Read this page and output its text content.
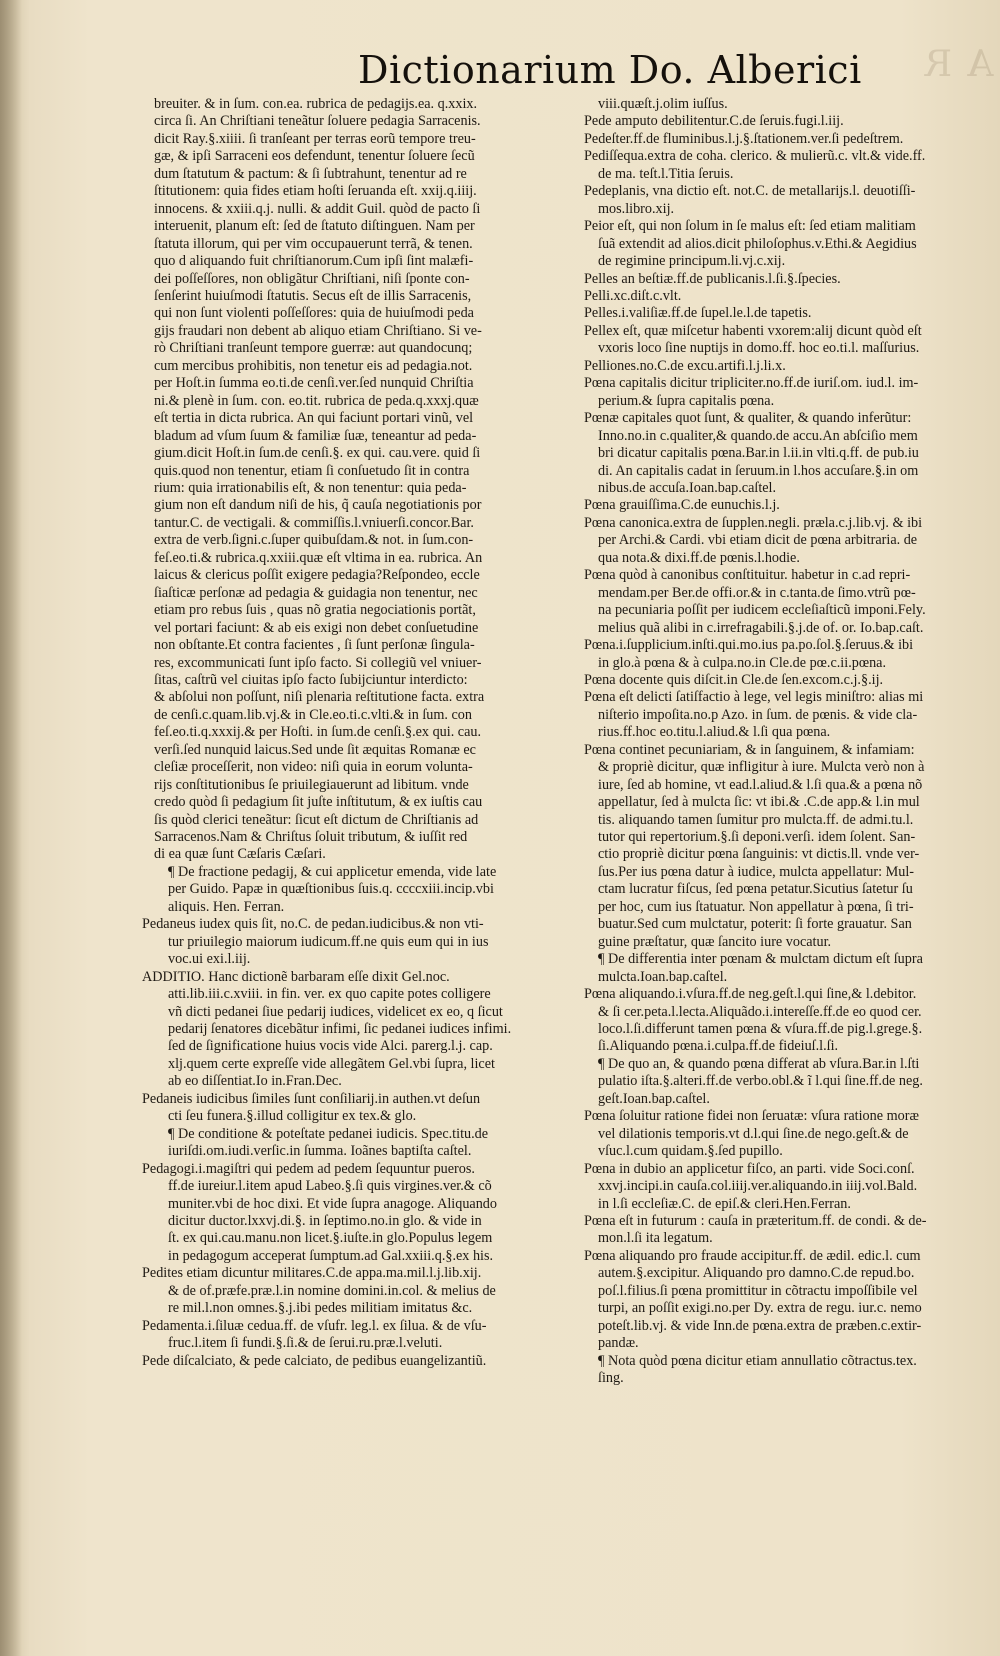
A R
Dictionarium Do. Alberici
breuiter. & in ſum. con.ea. rubrica de pedagijs.ea. q.xxix.
circa ſi. An Chriſtiani teneãtur ſoluere pedagia Sarracenis.
dicit Ray.§.xiiii. ſi tranſeant per terras eorũ tempore treu-
gæ, & ipſi Sarraceni eos defendunt, tenentur ſoluere ſecũ
dum ſtatutum & pactum: & ſi ſubtrahunt, tenentur ad re
ſtitutionem: quia fides etiam hoſti ſeruanda eſt. xxij.q.iiij.
innocens. & xxiii.q.j. nulli. & addit Guil. quòd de pacto ſi
interuenit, planum eſt: ſed de ſtatuto diſtinguen. Nam per
ſtatuta illorum, qui per vim occupauerunt terrã, & tenen.
quo d aliquando fuit chriſtianorum.Cum ipſi ſint malæfi-
dei poſſeſſores, non obligãtur Chriſtiani, niſi ſponte con-
ſenſerint huiuſmodi ſtatutis. Secus eſt de illis Sarracenis,
qui non ſunt violenti poſſeſſores: quia de huiuſmodi peda
gijs fraudari non debent ab aliquo etiam Chriſtiano. Si ve-
rò Chriſtiani tranſeunt tempore guerræ: aut quandocunq;
cum mercibus prohibitis, non tenetur eis ad pedagia.not.
per Hoſt.in ſumma eo.ti.de cenſi.ver.ſed nunquid Chriſtia
ni.& plenè in ſum. con. eo.tit. rubrica de peda.q.xxxj.quæ
eſt tertia in dicta rubrica. An qui faciunt portari vinũ, vel
bladum ad vſum ſuum & familiæ ſuæ, teneantur ad peda-
gium.dicit Hoſt.in ſum.de cenſi.§. ex qui. cau.vere. quid ſi
quis.quod non tenentur, etiam ſi conſuetudo ſit in contra
rium: quia irrationabilis eſt, & non tenentur: quia peda-
gium non eſt dandum niſi de his, q̃ cauſa negotiationis por
tantur.C. de vectigali. & commiſſis.l.vniuerſi.concor.Bar.
extra de verb.ſigni.c.ſuper quibuſdam.& not. in ſum.con-
feſ.eo.ti.& rubrica.q.xxiii.quæ eſt vltima in ea. rubrica. An
laicus & clericus poſſit exigere pedagia?Reſpondeo, eccle
ſiaſticæ perſonæ ad pedagia & guidagia non tenentur, nec
etiam pro rebus ſuis , quas nõ gratia negociationis portãt,
vel portari faciunt: & ab eis exigi non debet conſuetudine
non obſtante.Et contra facientes , ſi ſunt perſonæ ſingula-
res, excommunicati ſunt ipſo facto. Si collegiũ vel vniuer-
ſitas, caſtrũ vel ciuitas ipſo facto ſubijciuntur interdicto:
& abſolui non poſſunt, niſi plenaria reſtitutione facta. extra
de cenſi.c.quam.lib.vj.& in Cle.eo.ti.c.vlti.& in ſum. con
feſ.eo.ti.q.xxxij.& per Hoſti. in ſum.de cenſi.§.ex qui. cau.
verſi.ſed nunquid laicus.Sed unde ſit æquitas Romanæ ec
cleſiæ proceſſerit, non video: niſi quia in eorum volunta-
rijs conſtitutionibus ſe priuilegiauerunt ad libitum. vnde
credo quòd ſi pedagium ſit juſte inſtitutum, & ex iuſtis cau
ſis quòd clerici teneãtur: ſicut eſt dictum de Chriſtianis ad
Sarracenos.Nam & Chriſtus ſoluit tributum, & iuſſit red
di ea quæ ſunt Cæſaris Cæſari.
¶ De fractione pedagij, & cui applicetur emenda, vide late
per Guido. Papæ in quæſtionibus ſuis.q. ccccxiii.incip.vbi
aliquis. Hen. Ferran.
Pedaneus iudex quis ſit, no.C. de pedan.iudicibus.& non vti-
tur priuilegio maiorum iudicum.ff.ne quis eum qui in ius
voc.ui exi.l.iij.
ADDITIO. Hanc dictionẽ barbaram eſſe dixit Gel.noc.
atti.lib.iii.c.xviii. in fin. ver. ex quo capite potes colligere
vñ dicti pedanei ſiue pedarij iudices, videlicet ex eo, q ſicut
pedarij ſenatores dicebãtur infimi, ſic pedanei iudices infimi.
ſed de ſignificatione huius vocis vide Alci. parerg.l.j. cap.
xlj.quem certe expreſſe vide allegãtem Gel.vbi ſupra, licet
ab eo diſſentiat.Io in.Fran.Dec.
Pedaneis iudicibus ſimiles ſunt conſiliarij.in authen.vt deſun
cti ſeu funera.§.illud colligitur ex tex.& glo.
¶ De conditione & poteſtate pedanei iudicis. Spec.titu.de
iuriſdi.om.iudi.verſic.in ſumma. Ioãnes baptiſta caſtel.
Pedagogi.i.magiſtri qui pedem ad pedem ſequuntur pueros.
ff.de iureiur.l.item apud Labeo.§.ſi quis virgines.ver.& cõ
muniter.vbi de hoc dixi. Et vide ſupra anagoge. Aliquando
dicitur ductor.lxxvj.di.§. in ſeptimo.no.in glo. & vide in
ſt. ex qui.cau.manu.non licet.§.iuſte.in glo.Populus legem
in pedagogum acceperat ſumptum.ad Gal.xxiii.q.§.ex his.
Pedites etiam dicuntur militares.C.de appa.ma.mil.l.j.lib.xij.
& de of.præfe.præ.l.in nomine domini.in.col. & melius de
re mil.l.non omnes.§.j.ibi pedes militiam imitatus &c.
Pedamenta.i.ſiluæ cedua.ff. de vſufr. leg.l. ex ſilua. & de vſu-
fruc.l.item ſi fundi.§.ſi.& de ſerui.ru.præ.l.veluti.
Pede diſcalciato, & pede calciato, de pedibus euangelizantiũ.
viii.quæſt.j.olim iuſſus.
Pede amputo debilitentur.C.de ſeruis.fugi.l.iij.
Pedeſter.ff.de fluminibus.l.j.§.ſtationem.ver.ſi pedeſtrem.
Pediſſequa.extra de coha. clerico. & mulierũ.c. vlt.& vide.ff.
de ma. teſt.l.Titia ſeruis.
Pedeplanis, vna dictio eſt. not.C. de metallarijs.l. deuotiſſi-
mos.libro.xij.
Peior eſt, qui non ſolum in ſe malus eſt: ſed etiam malitiam
ſuã extendit ad alios.dicit philoſophus.v.Ethi.& Aegidius
de regimine principum.li.vj.c.xij.
Pelles an beſtiæ.ff.de publicanis.l.ſi.§.ſpecies.
Pelli.xc.diſt.c.vlt.
Pelles.i.valiſiæ.ff.de ſupel.le.l.de tapetis.
Pellex eſt, quæ miſcetur habenti vxorem:alij dicunt quòd eſt
vxoris loco ſine nuptijs in domo.ff. hoc eo.ti.l. maſſurius.
Pelliones.no.C.de excu.artifi.l.j.li.x.
Pœna capitalis dicitur tripliciter.no.ff.de iuriſ.om. iud.l. im-
perium.& ſupra capitalis pœna.
Pœnæ capitales quot ſunt, & qualiter, & quando inferũtur:
Inno.no.in c.qualiter,& quando.de accu.An abſciſio mem
bri dicatur capitalis pœna.Bar.in l.ii.in vlti.q.ff. de pub.iu
di. An capitalis cadat in ſeruum.in l.hos accuſare.§.in om
nibus.de accuſa.Ioan.bap.caſtel.
Pœna grauiſſima.C.de eunuchis.l.j.
Pœna canonica.extra de ſupplen.negli. præla.c.j.lib.vj. & ibi
per Archi.& Cardi. vbi etiam dicit de pœna arbitraria. de
qua nota.& dixi.ff.de pœnis.l.hodie.
Pœna quòd à canonibus conſtituitur. habetur in c.ad repri-
mendam.per Ber.de offi.or.& in c.tanta.de ſimo.vtrũ pœ-
na pecuniaria poſſit per iudicem eccleſiaſticũ imponi.Fely.
melius quã alibi in c.irrefragabili.§.j.de of. or. Io.bap.caſt.
Pœna.i.ſupplicium.inſti.qui.mo.ius pa.po.ſol.§.ſeruus.& ibi
in glo.à pœna & à culpa.no.in Cle.de pœ.c.ii.pœna.
Pœna docente quis diſcit.in Cle.de ſen.excom.c.j.§.ij.
Pœna eſt delicti ſatiſfactio à lege, vel legis miniſtro: alias mi
niſterio impoſita.no.p Azo. in ſum. de pœnis. & vide cla-
rius.ff.hoc eo.titu.l.aliud.& l.ſi qua pœna.
Pœna continet pecuniariam, & in ſanguinem, & infamiam:
& propriè dicitur, quæ infligitur à iure. Mulcta verò non à
iure, ſed ab homine, vt ead.l.aliud.& l.ſi qua.& a pœna nõ
appellatur, ſed à mulcta ſic: vt ibi.& .C.de app.& l.in mul
tis. aliquando tamen ſumitur pro mulcta.ff. de admi.tu.l.
tutor qui repertorium.§.ſi deponi.verſi. idem ſolent. San-
ctio propriè dicitur pœna ſanguinis: vt dictis.ll. vnde ver-
ſus.Per ius pœna datur à iudice, mulcta appellatur: Mul-
ctam lucratur fiſcus, ſed pœna petatur.Sicutius ſatetur ſu
per hoc, cum ius ſtatuatur. Non appellatur à pœna, ſi tri-
buatur.Sed cum mulctatur, poterit: ſi forte grauatur. San
guine præſtatur, quæ ſancito iure vocatur.
¶ De differentia inter pœnam & mulctam dictum eſt ſupra
mulcta.Ioan.bap.caſtel.
Pœna aliquando.i.vſura.ff.de neg.geſt.l.qui ſine,& l.debitor.
& ſi cer.peta.l.lecta.Aliquãdo.i.intereſſe.ff.de eo quod cer.
loco.l.ſi.differunt tamen pœna & vſura.ff.de pig.l.grege.§.
ſi.Aliquando pœna.i.culpa.ff.de fideiuſ.l.ſi.
¶ De quo an, & quando pœna differat ab vſura.Bar.in l.ſti
pulatio iſta.§.alteri.ff.de verbo.obl.& ĩ l.qui ſine.ff.de neg.
geſt.Ioan.bap.caſtel.
Pœna ſoluitur ratione fidei non ſeruatæ: vſura ratione moræ
vel dilationis temporis.vt d.l.qui ſine.de nego.geſt.& de
vſuc.l.cum quidam.§.ſed pupillo.
Pœna in dubio an applicetur fiſco, an parti. vide Soci.conſ.
xxvj.incipi.in cauſa.col.iiij.ver.aliquando.in iiij.vol.Bald.
in l.ſi eccleſiæ.C. de epiſ.& cleri.Hen.Ferran.
Pœna eſt in futurum : cauſa in præteritum.ff. de condi. & de-
mon.l.ſi ita legatum.
Pœna aliquando pro fraude accipitur.ff. de ædil. edic.l. cum
autem.§.excipitur. Aliquando pro damno.C.de repud.bo.
poſ.l.filius.ſi pœna promittitur in cõtractu impoſſibile vel
turpi, an poſſit exigi.no.per Dy. extra de regu. iur.c. nemo
poteſt.lib.vj. & vide Inn.de pœna.extra de præben.c.extir-
pandæ.
¶ Nota quòd pœna dicitur etiam annullatio cõtractus.tex.
ſing.
